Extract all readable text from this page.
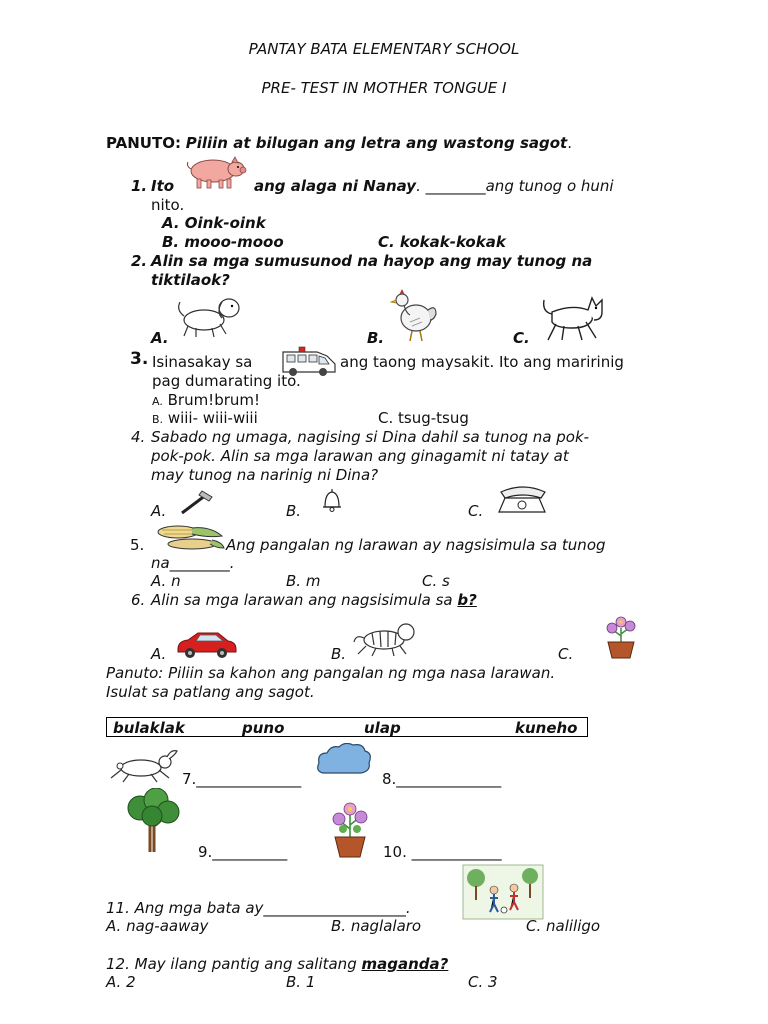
PANTAY BATA ELEMENTARY SCHOOL
PRE- TEST IN MOTHER TONGUE I
PANUTO: Piliin at bilugan ang letra ang wastong sagot.
1. Ito	ang alaga ni Nanay. ________ang tunog o huni
nito.
A. Oink-oink
B. mooo-mooo	C. kokak-kokak
2. Alin sa mga sumusunod na hayop ang may tunog na
tiktilaok?
A.	B.	C.
3. Isinasakay sa	ang taong maysakit. Ito ang maririnig
pag dumarating ito.
A. Brum!brum!
B. wiii- wiii-wiii	C. tsug-tsug
4. Sabado ng umaga, nagising si Dina dahil sa tunog na pok-
pok-pok. Alin sa mga larawan ang ginagamit ni tatay at
may tunog na narinig ni Dina?
A.	B.	C.
5.	Ang pangalan ng larawan ay nagsisimula sa tunog
na________.
A. n	B. m	C. s
6. Alin sa mga larawan ang nagsisimula sa b?
A.	B.	C.
Panuto: Piliin sa kahon ang pangalan ng mga nasa larawan.
Isulat sa patlang ang sagot.
bulaklak	puno	ulap	kuneho
7.______________	8.______________
9.__________	10. ____________
11. Ang mga bata ay___________________.
A. nag-aaway	B. naglalaro	C. naliligo
12. May ilang pantig ang salitang maganda?
A. 2	B. 1	C. 3
